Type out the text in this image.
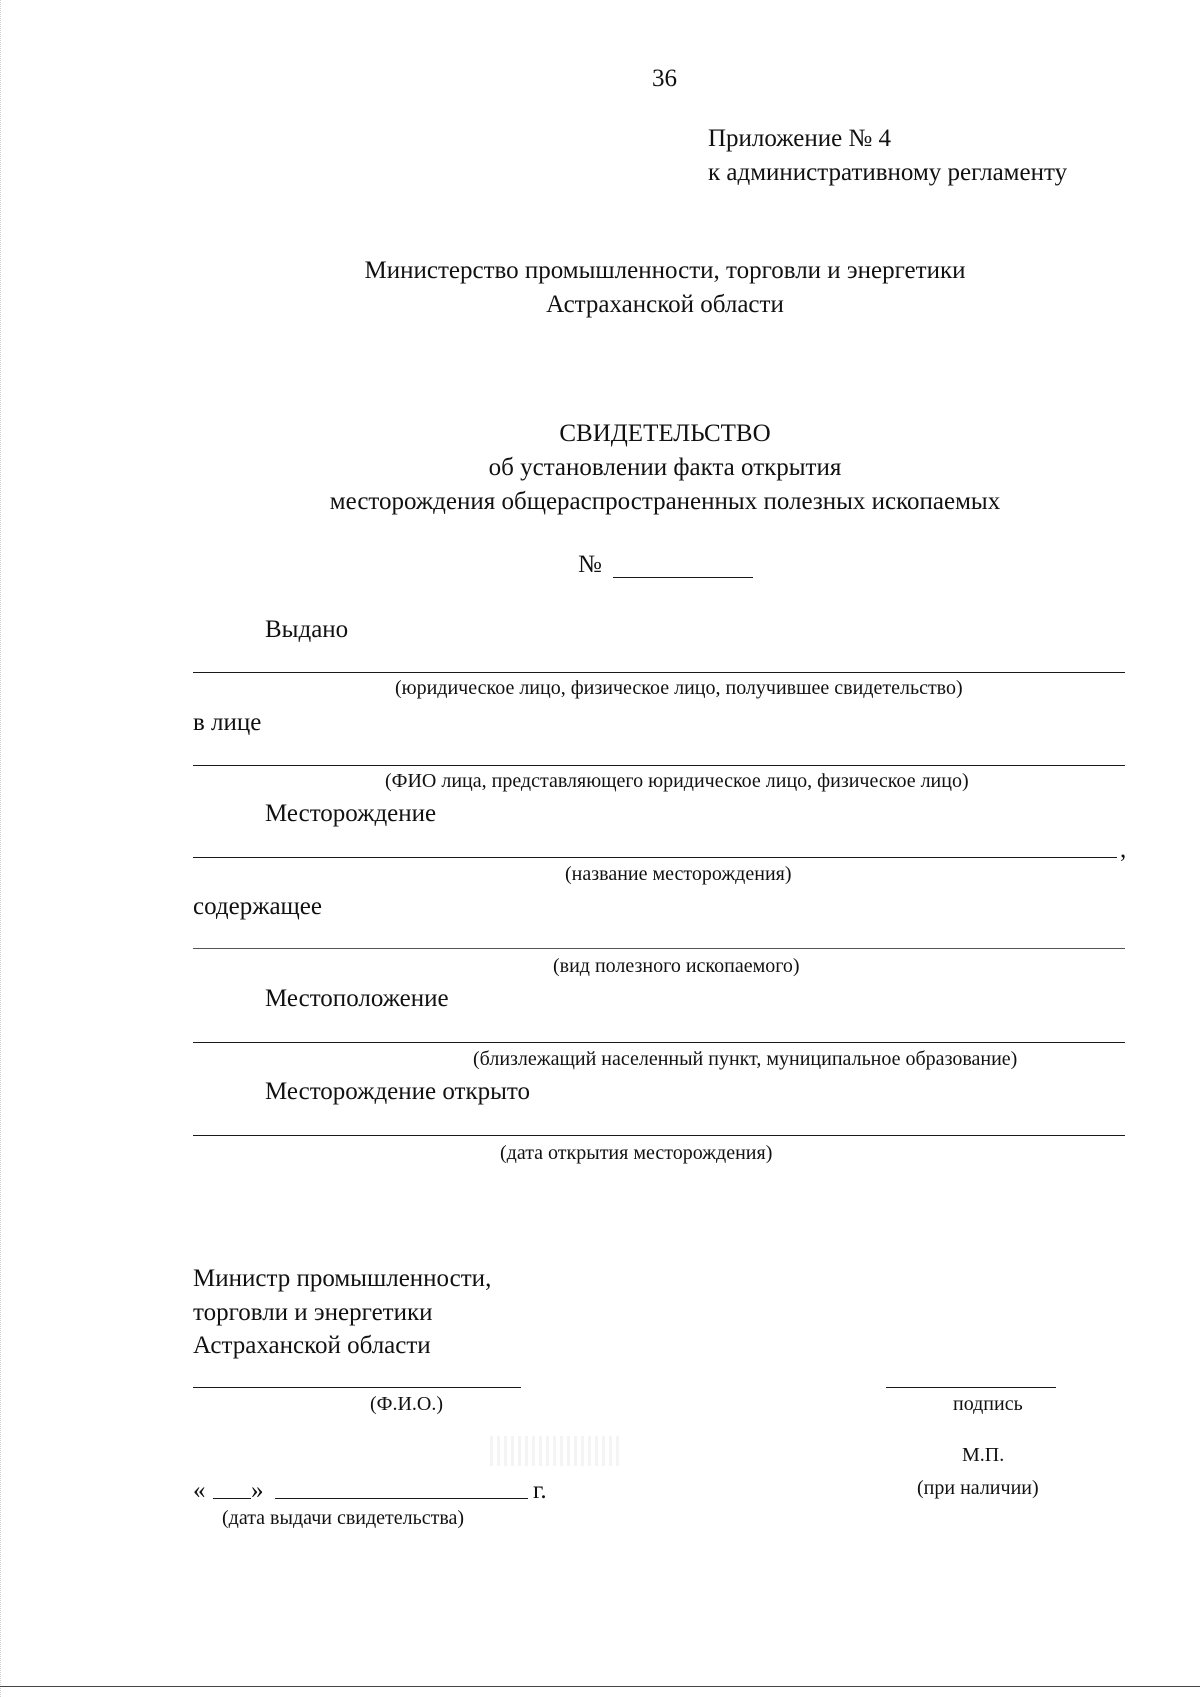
36
Приложение № 4
к административному регламенту
Министерство промышленности, торговли и энергетики
Астраханской области
СВИДЕТЕЛЬСТВО
об установлении факта открытия
месторождения общераспространенных полезных ископаемых
№
Выдано
(юридическое лицо, физическое лицо, получившее свидетельство)
в лице
(ФИО лица, представляющего юридическое лицо, физическое лицо)
Месторождение
,
(название месторождения)
содержащее
(вид полезного ископаемого)
Местоположение
(близлежащий населенный пункт, муниципальное образование)
Месторождение открыто
(дата открытия месторождения)
Министр промышленности,
торговли и энергетики
Астраханской области
(Ф.И.О.)	подпись
« »	г.
(дата выдачи свидетельства)
М.П.
(при наличии)
